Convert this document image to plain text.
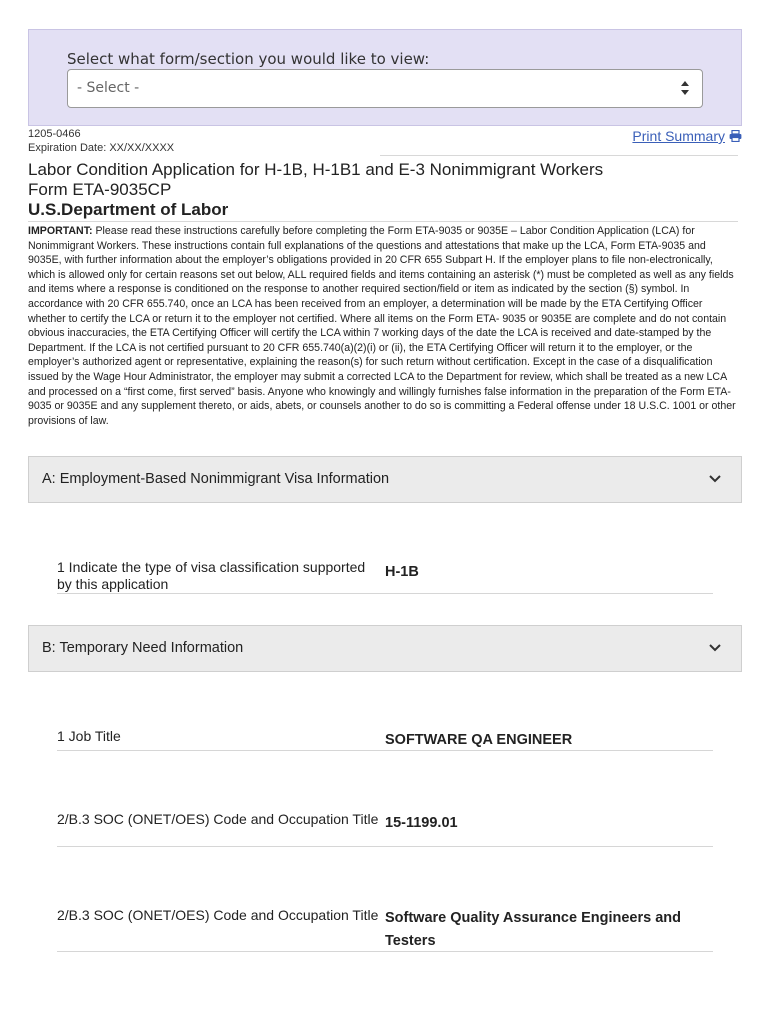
Select what form/section you would like to view:
- Select -
1205-0466
Expiration Date: XX/XX/XXXX
Print Summary
Labor Condition Application for H-1B, H-1B1 and E-3 Nonimmigrant Workers
Form ETA-9035CP
U.S.Department of Labor
IMPORTANT: Please read these instructions carefully before completing the Form ETA-9035 or 9035E – Labor Condition Application (LCA) for Nonimmigrant Workers. These instructions contain full explanations of the questions and attestations that make up the LCA, Form ETA-9035 and 9035E, with further information about the employer’s obligations provided in 20 CFR 655 Subpart H. If the employer plans to file non-electronically, which is allowed only for certain reasons set out below, ALL required fields and items containing an asterisk (*) must be completed as well as any fields and items where a response is conditioned on the response to another required section/field or item as indicated by the section (§) symbol. In accordance with 20 CFR 655.740, once an LCA has been received from an employer, a determination will be made by the ETA Certifying Officer whether to certify the LCA or return it to the employer not certified. Where all items on the Form ETA- 9035 or 9035E are complete and do not contain obvious inaccuracies, the ETA Certifying Officer will certify the LCA within 7 working days of the date the LCA is received and date-stamped by the Department. If the LCA is not certified pursuant to 20 CFR 655.740(a)(2)(i) or (ii), the ETA Certifying Officer will return it to the employer, or the employer’s authorized agent or representative, explaining the reason(s) for such return without certification. Except in the case of a disqualification issued by the Wage Hour Administrator, the employer may submit a corrected LCA to the Department for review, which shall be treated as a new LCA and processed on a “first come, first served” basis. Anyone who knowingly and willingly furnishes false information in the preparation of the Form ETA- 9035 or 9035E and any supplement thereto, or aids, abets, or counsels another to do so is committing a Federal offense under 18 U.S.C. 1001 or other provisions of law.
A: Employment-Based Nonimmigrant Visa Information
1 Indicate the type of visa classification supported by this application
H-1B
B: Temporary Need Information
1 Job Title	SOFTWARE QA ENGINEER
2/B.3 SOC (ONET/OES) Code and Occupation Title 15-1199.01
2/B.3 SOC (ONET/OES) Code and Occupation Title Software Quality Assurance Engineers and Testers
